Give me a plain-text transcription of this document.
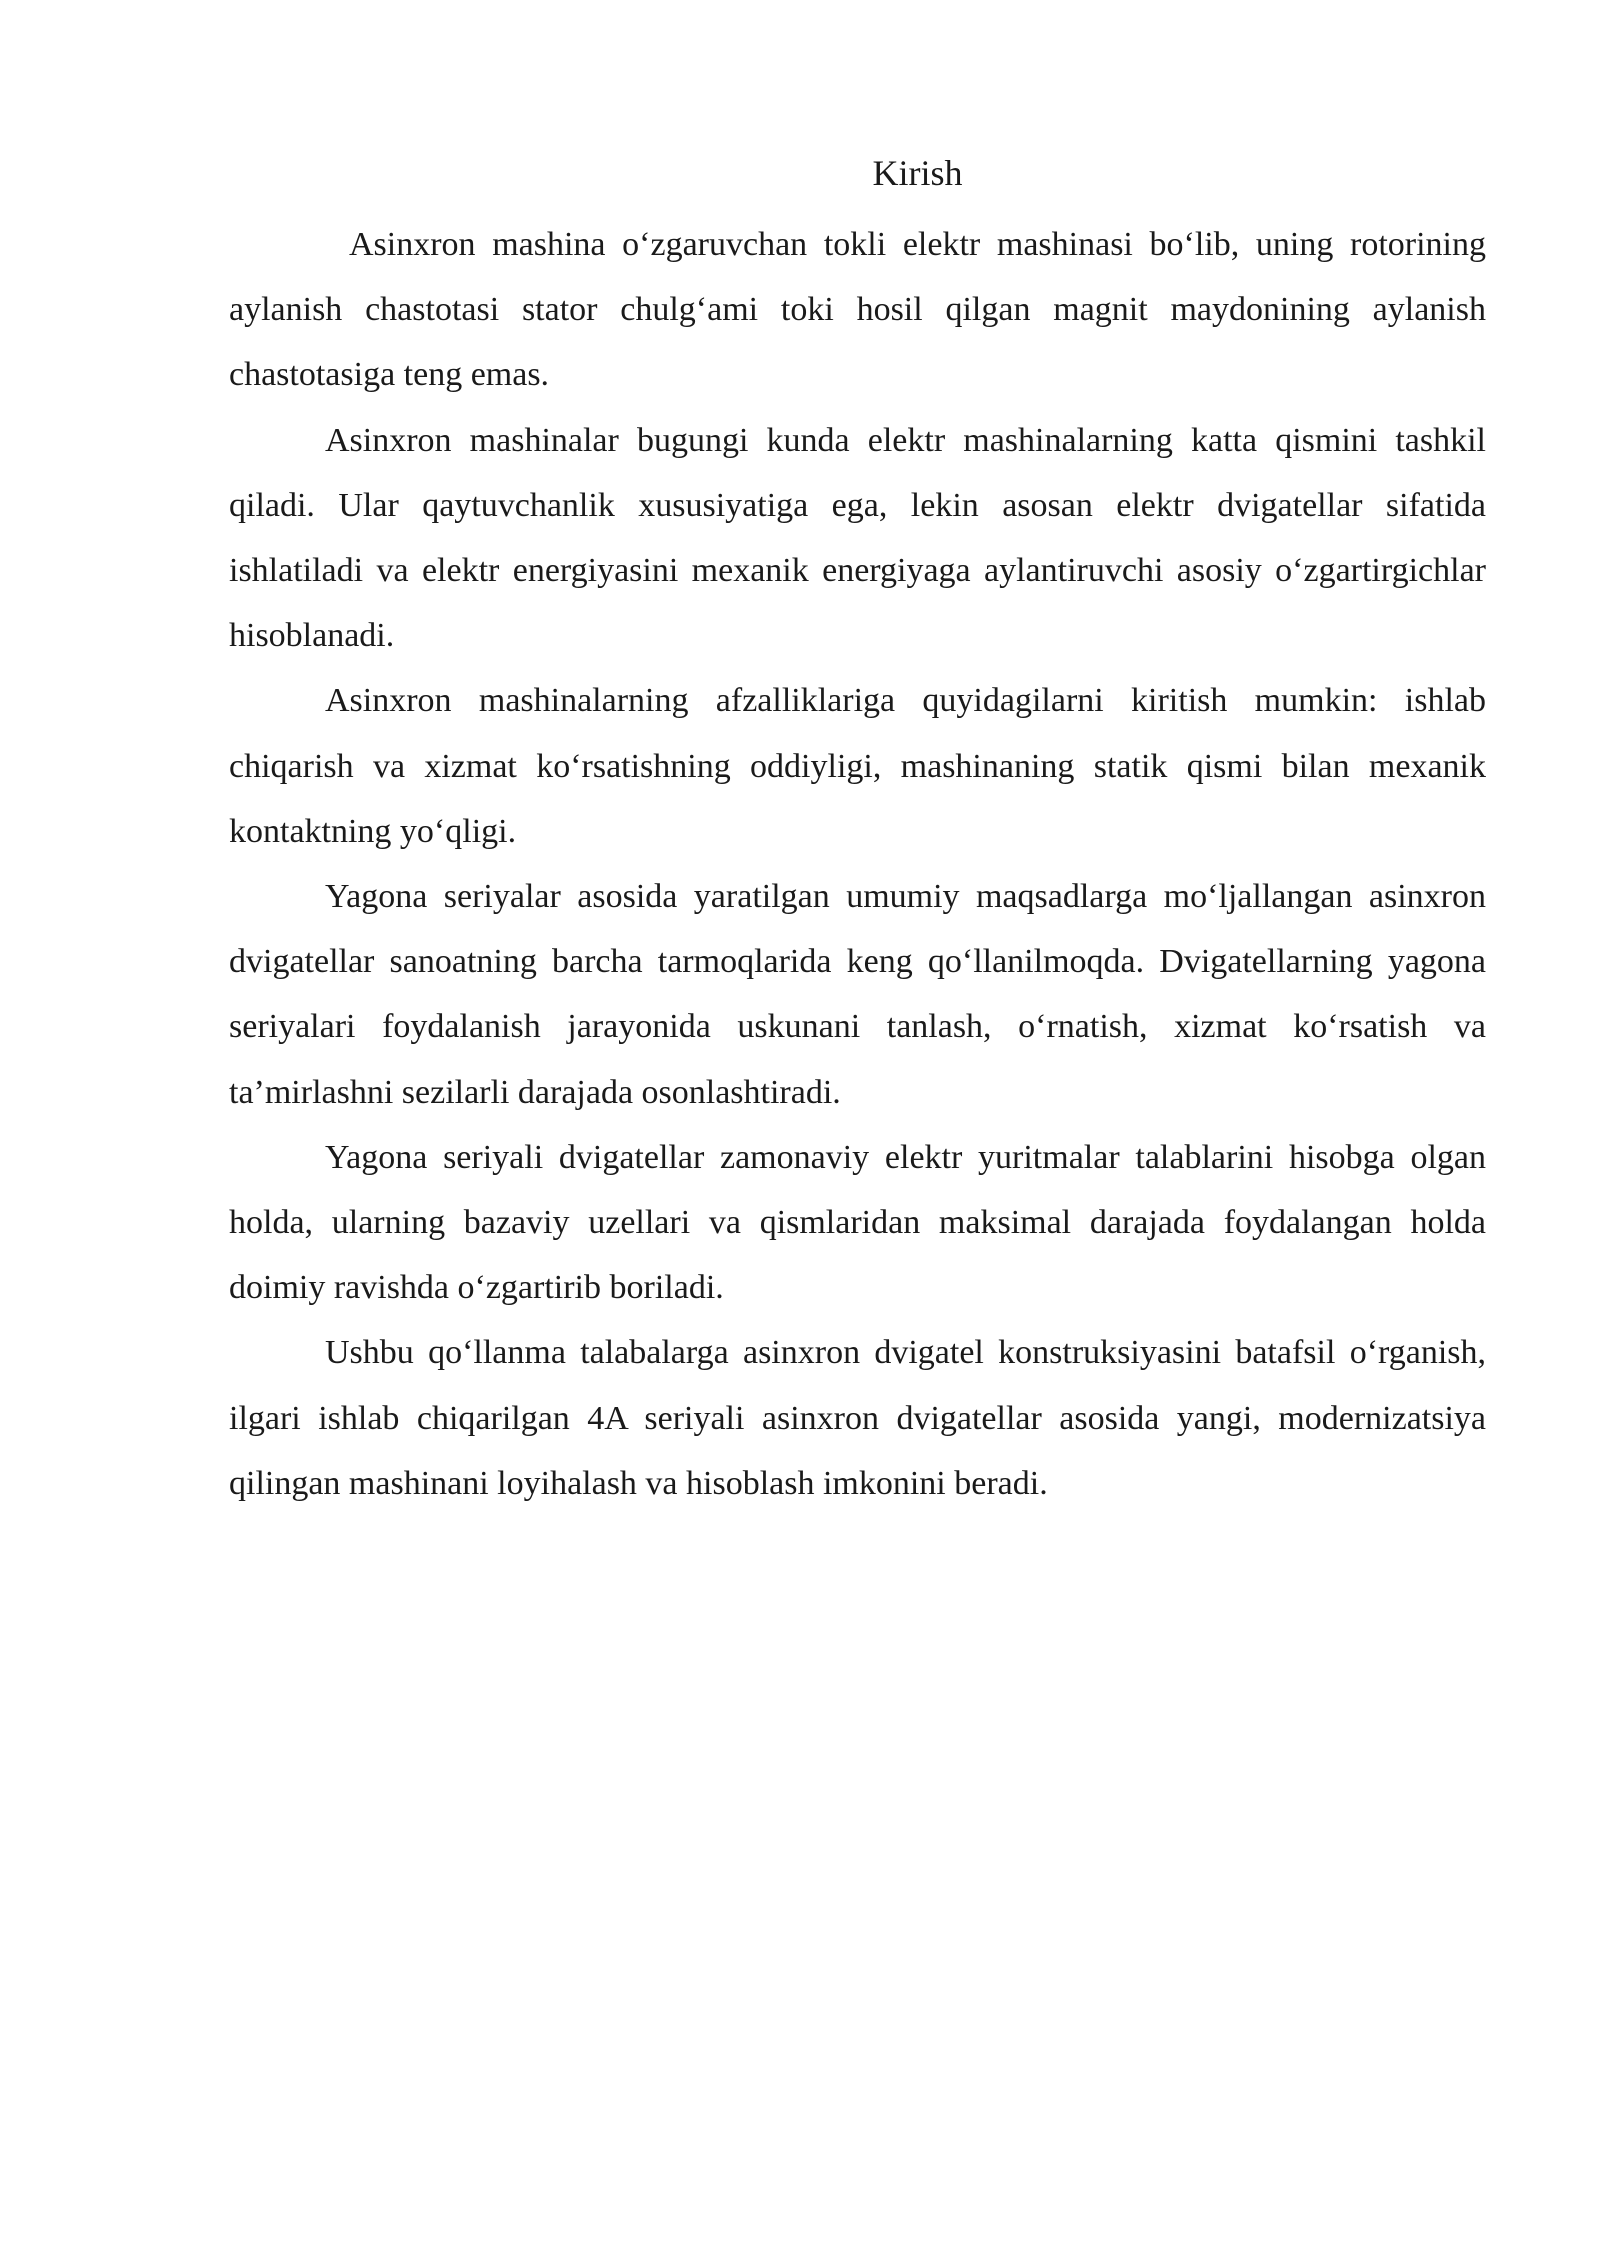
Kirish

Asinxron mashina o‘zgaruvchan tokli elektr mashinasi bo‘lib, uning rotorining aylanish chastotasi stator chulg‘ami toki hosil qilgan magnit maydonining aylanish chastotasiga teng emas.

Asinxron mashinalar bugungi kunda elektr mashinalarning katta qismini tashkil qiladi. Ular qaytuvchanlik xususiyatiga ega, lekin asosan elektr dvigatellar sifatida ishlatiladi va elektr energiyasini mexanik energiyaga aylantiruvchi asosiy o‘zgartirgichlar hisoblanadi.

Asinxron mashinalarning afzalliklariga quyidagilarni kiritish mumkin: ishlab chiqarish va xizmat ko‘rsatishning oddiyligi, mashinaning statik qismi bilan mexanik kontaktning yo‘qligi.

Yagona seriyalar asosida yaratilgan umumiy maqsadlarga mo‘ljallangan asinxron dvigatellar sanoatning barcha tarmoqlarida keng qo‘llanilmoqda. Dvigatellarning yagona seriyalari foydalanish jarayonida uskunani tanlash, o‘rnatish, xizmat ko‘rsatish va ta’mirlashni sezilarli darajada osonlashtiradi.

Yagona seriyali dvigatellar zamonaviy elektr yuritmalar talablarini hisobga olgan holda, ularning bazaviy uzellari va qismlaridan maksimal darajada foydalangan holda doimiy ravishda o‘zgartirib boriladi.

Ushbu qo‘llanma talabalarga asinxron dvigatel konstruksiyasini batafsil o‘rganish, ilgari ishlab chiqarilgan 4A seriyali asinxron dvigatellar asosida yangi, modernizatsiya qilingan mashinani loyihalash va hisoblash imkonini beradi.
